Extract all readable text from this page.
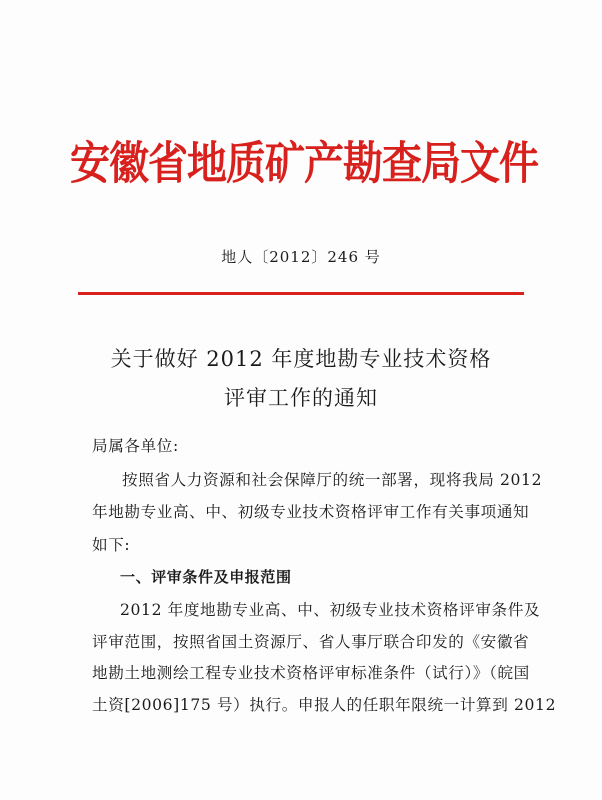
安徽省地质矿产勘查局文件
地人〔2012〕246 号
关于做好 2012 年度地勘专业技术资格
评审工作的通知
局属各单位:
按照省人力资源和社会保障厅的统一部署，现将我局 2012
年地勘专业高、中、初级专业技术资格评审工作有关事项通知
如下:
一、评审条件及申报范围
2012 年度地勘专业高、中、初级专业技术资格评审条件及
评审范围，按照省国土资源厅、省人事厅联合印发的《安徽省
地勘土地测绘工程专业技术资格评审标准条件（试行）》（皖国
土资[2006]175 号）执行。申报人的任职年限统一计算到 2012
